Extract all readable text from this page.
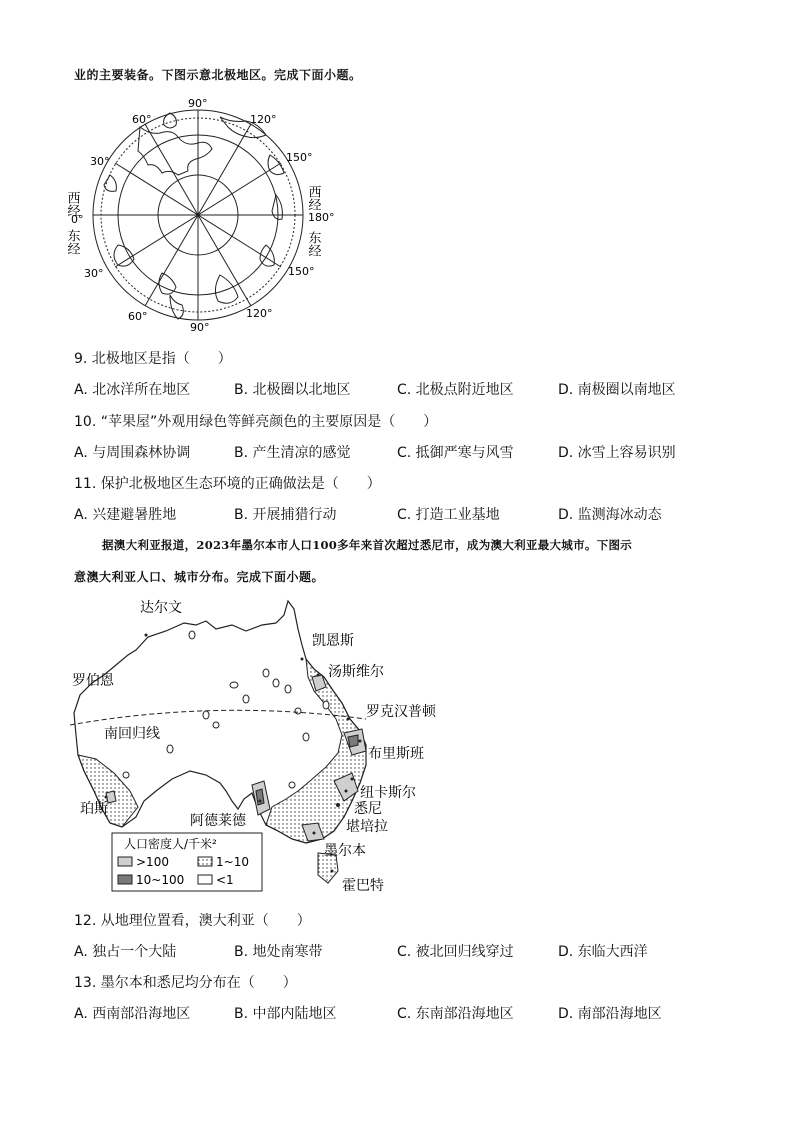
业的主要装备。下图示意北极地区。完成下面小题。
90°
60°	120°
30°	150°
180°
30°	150°
60°
90°
120°
西经
0°
东经
西经
东经
9. 北极地区是指（　　）
A. 北冰洋所在地区	B. 北极圈以北地区	C. 北极点附近地区	D. 南极圈以南地区
10. “苹果屋”外观用绿色等鲜亮颜色的主要原因是（　　）
A. 与周围森林协调	B. 产生清凉的感觉	C. 抵御严寒与风雪	D. 冰雪上容易识别
11. 保护北极地区生态环境的正确做法是（　　）
A. 兴建避暑胜地	B. 开展捕猎行动	C. 打造工业基地	D. 监测海冰动态
据澳大利亚报道，2023年墨尔本市人口100多年来首次超过悉尼市，成为澳大利亚最大城市。下图示
意澳大利亚人口、城市分布。完成下面小题。
达尔文
凯恩斯
汤斯维尔
罗克汉普顿
布里斯班
纽卡斯尔
悉尼
堪培拉
墨尔本
霍巴特
阿德莱德
珀斯
罗伯恩
南回归线
人口密度人/千米²
>100	1~10
10~100	<1
12. 从地理位置看，澳大利亚（　　）
A. 独占一个大陆	B. 地处南寒带	C. 被北回归线穿过	D. 东临大西洋
13. 墨尔本和悉尼均分布在（　　）
A. 西南部沿海地区	B. 中部内陆地区	C. 东南部沿海地区	D. 南部沿海地区
